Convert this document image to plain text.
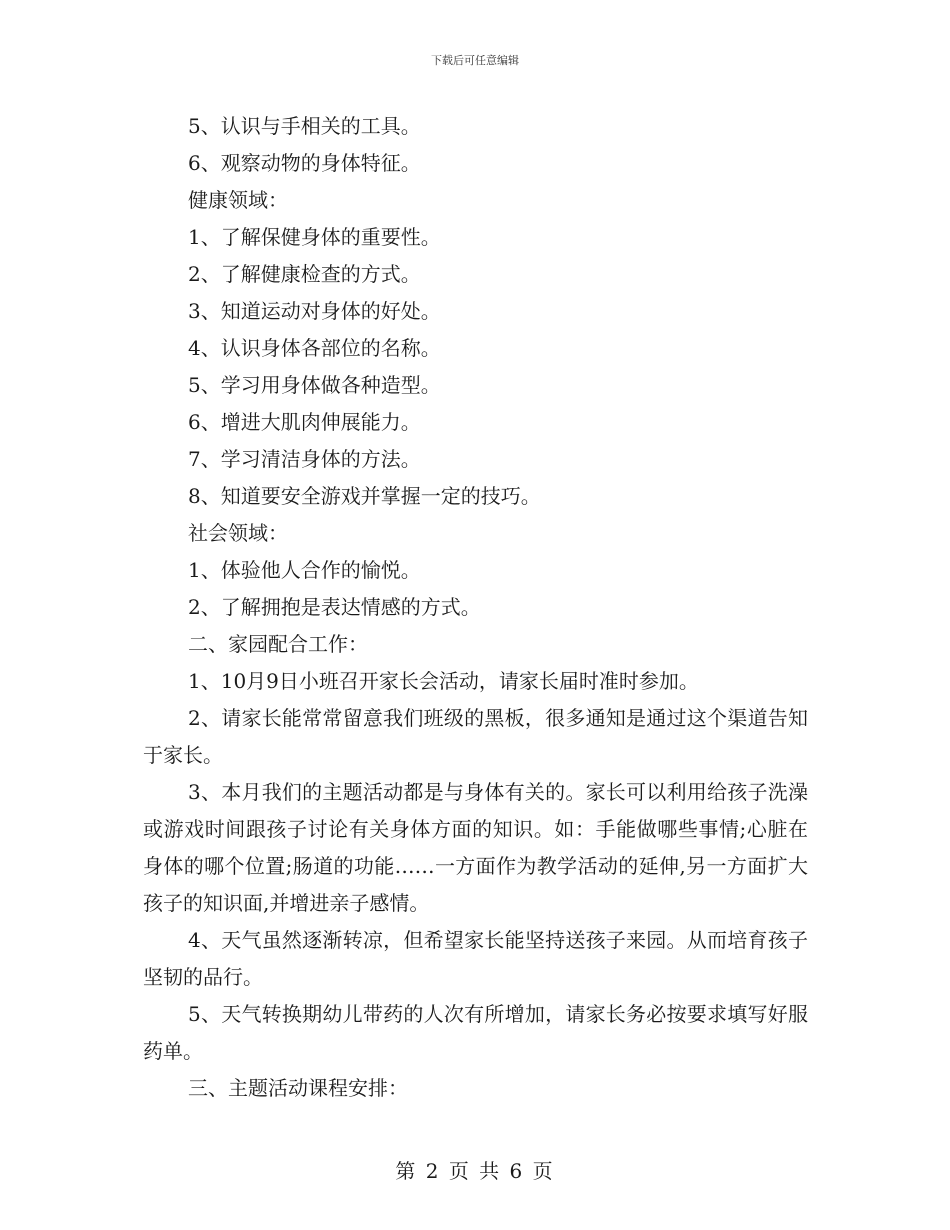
下载后可任意编辑

5、认识与手相关的工具。

6、观察动物的身体特征。

健康领域：

1、了解保健身体的重要性。

2、了解健康检查的方式。

3、知道运动对身体的好处。

4、认识身体各部位的名称。

5、学习用身体做各种造型。

6、增进大肌肉伸展能力。

7、学习清洁身体的方法。

8、知道要安全游戏并掌握一定的技巧。

社会领域：

1、体验他人合作的愉悦。

2、了解拥抱是表达情感的方式。

二、家园配合工作：

1、10月9日小班召开家长会活动，请家长届时准时参加。

2、请家长能常常留意我们班级的黑板，很多通知是通过这个渠道告知于家长。

3、本月我们的主题活动都是与身体有关的。家长可以利用给孩子洗澡或游戏时间跟孩子讨论有关身体方面的知识。如：手能做哪些事情;心脏在身体的哪个位置;肠道的功能……一方面作为教学活动的延伸,另一方面扩大孩子的知识面,并增进亲子感情。

4、天气虽然逐渐转凉，但希望家长能坚持送孩子来园。从而培育孩子坚韧的品行。

5、天气转换期幼儿带药的人次有所增加，请家长务必按要求填写好服药单。

三、主题活动课程安排：

第 2 页 共 6 页
